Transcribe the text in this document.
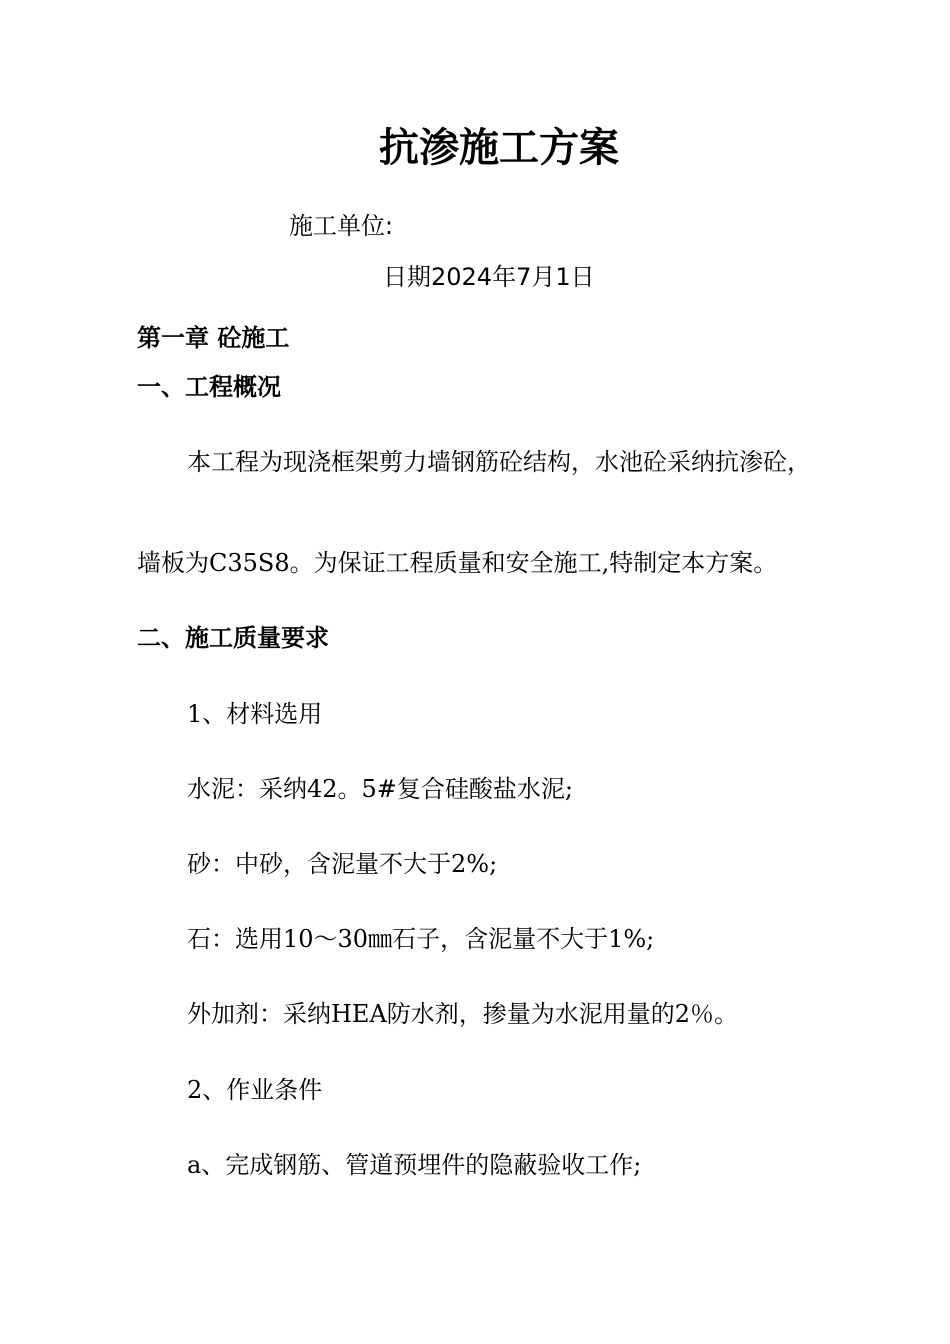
抗渗施工方案
施工单位:
日期2024年7月1日
第一章 砼施工
一、工程概况
本工程为现浇框架剪力墙钢筋砼结构，水池砼采纳抗渗砼，
墙板为C35S8。为保证工程质量和安全施工,特制定本方案。
二、施工质量要求
1、材料选用
水泥：采纳42。5#复合硅酸盐水泥;
砂：中砂，含泥量不大于2%;
石：选用10～30㎜石子，含泥量不大于1%;
外加剂：采纳HEA防水剂，掺量为水泥用量的2％。
2、作业条件
a、完成钢筋、管道预埋件的隐蔽验收工作;
